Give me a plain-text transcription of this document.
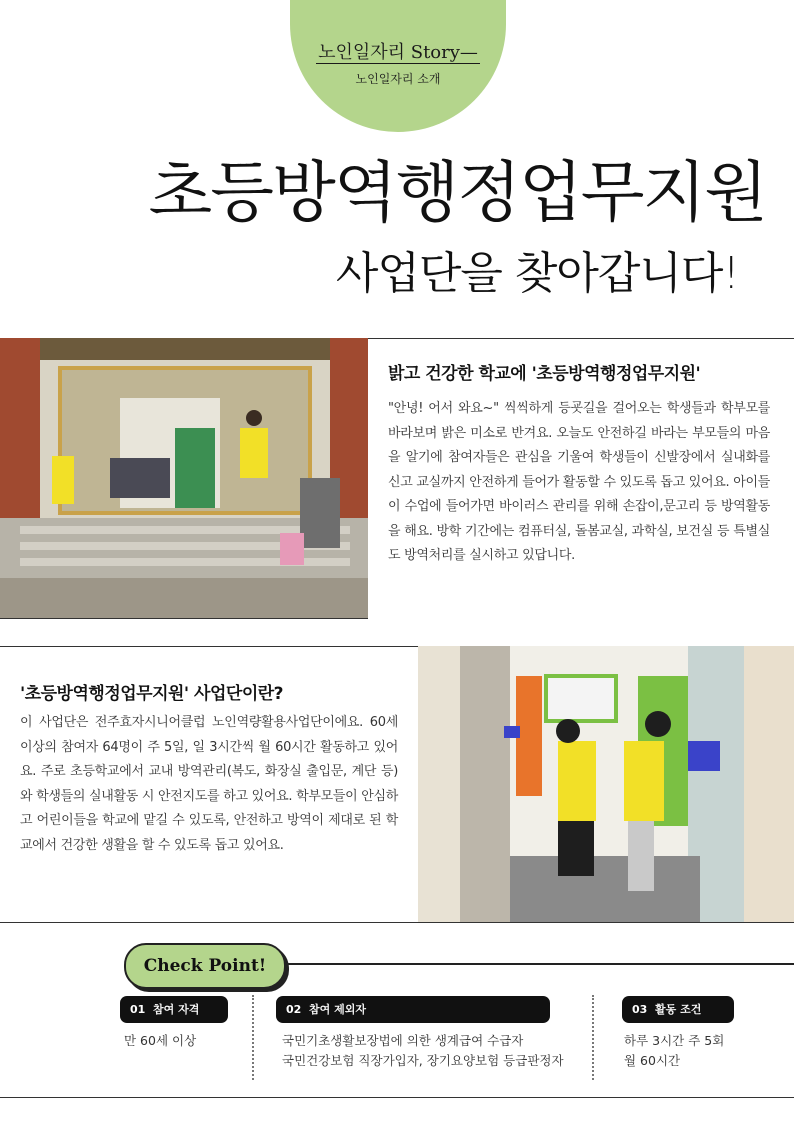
노인일자리 Story—
노인일자리 소개
초등방역행정업무지원
사업단을 찾아갑니다!
밝고 건강한 학교에 '초등방역행정업무지원'
"안녕! 어서 와요~" 씩씩하게 등굣길을 걸어오는 학생들과 학부모를 바라보며 밝은 미소로 반겨요. 오늘도 안전하길 바라는 부모들의 마음을 알기에 참여자들은 관심을 기울여 학생들이 신발장에서 실내화를 신고 교실까지 안전하게 들어가 활동할 수 있도록 돕고 있어요. 아이들이 수업에 들어가면 바이러스 관리를 위해 손잡이,문고리 등 방역활동을 해요. 방학 기간에는 컴퓨터실, 돌봄교실, 과학실, 보건실 등 특별실도 방역처리를 실시하고 있답니다.
'초등방역행정업무지원' 사업단이란?
이 사업단은 전주효자시니어클럽 노인역량활용사업단이에요. 60세 이상의 참여자 64명이 주 5일, 일 3시간씩 월 60시간 활동하고 있어요. 주로 초등학교에서 교내 방역관리(복도, 화장실 출입문, 계단 등)와 학생들의 실내활동 시 안전지도를 하고 있어요. 학부모들이 안심하고 어린이들을 학교에 맡길 수 있도록, 안전하고 방역이 제대로 된 학교에서 건강한 생활을 할 수 있도록 돕고 있어요.
Check Point!
01 참여 자격
만 60세 이상
02 참여 제외자
국민기초생활보장법에 의한 생계급여 수급자
국민건강보험 직장가입자, 장기요양보험 등급판정자
03 활동 조건
하루 3시간 주 5회
월 60시간
